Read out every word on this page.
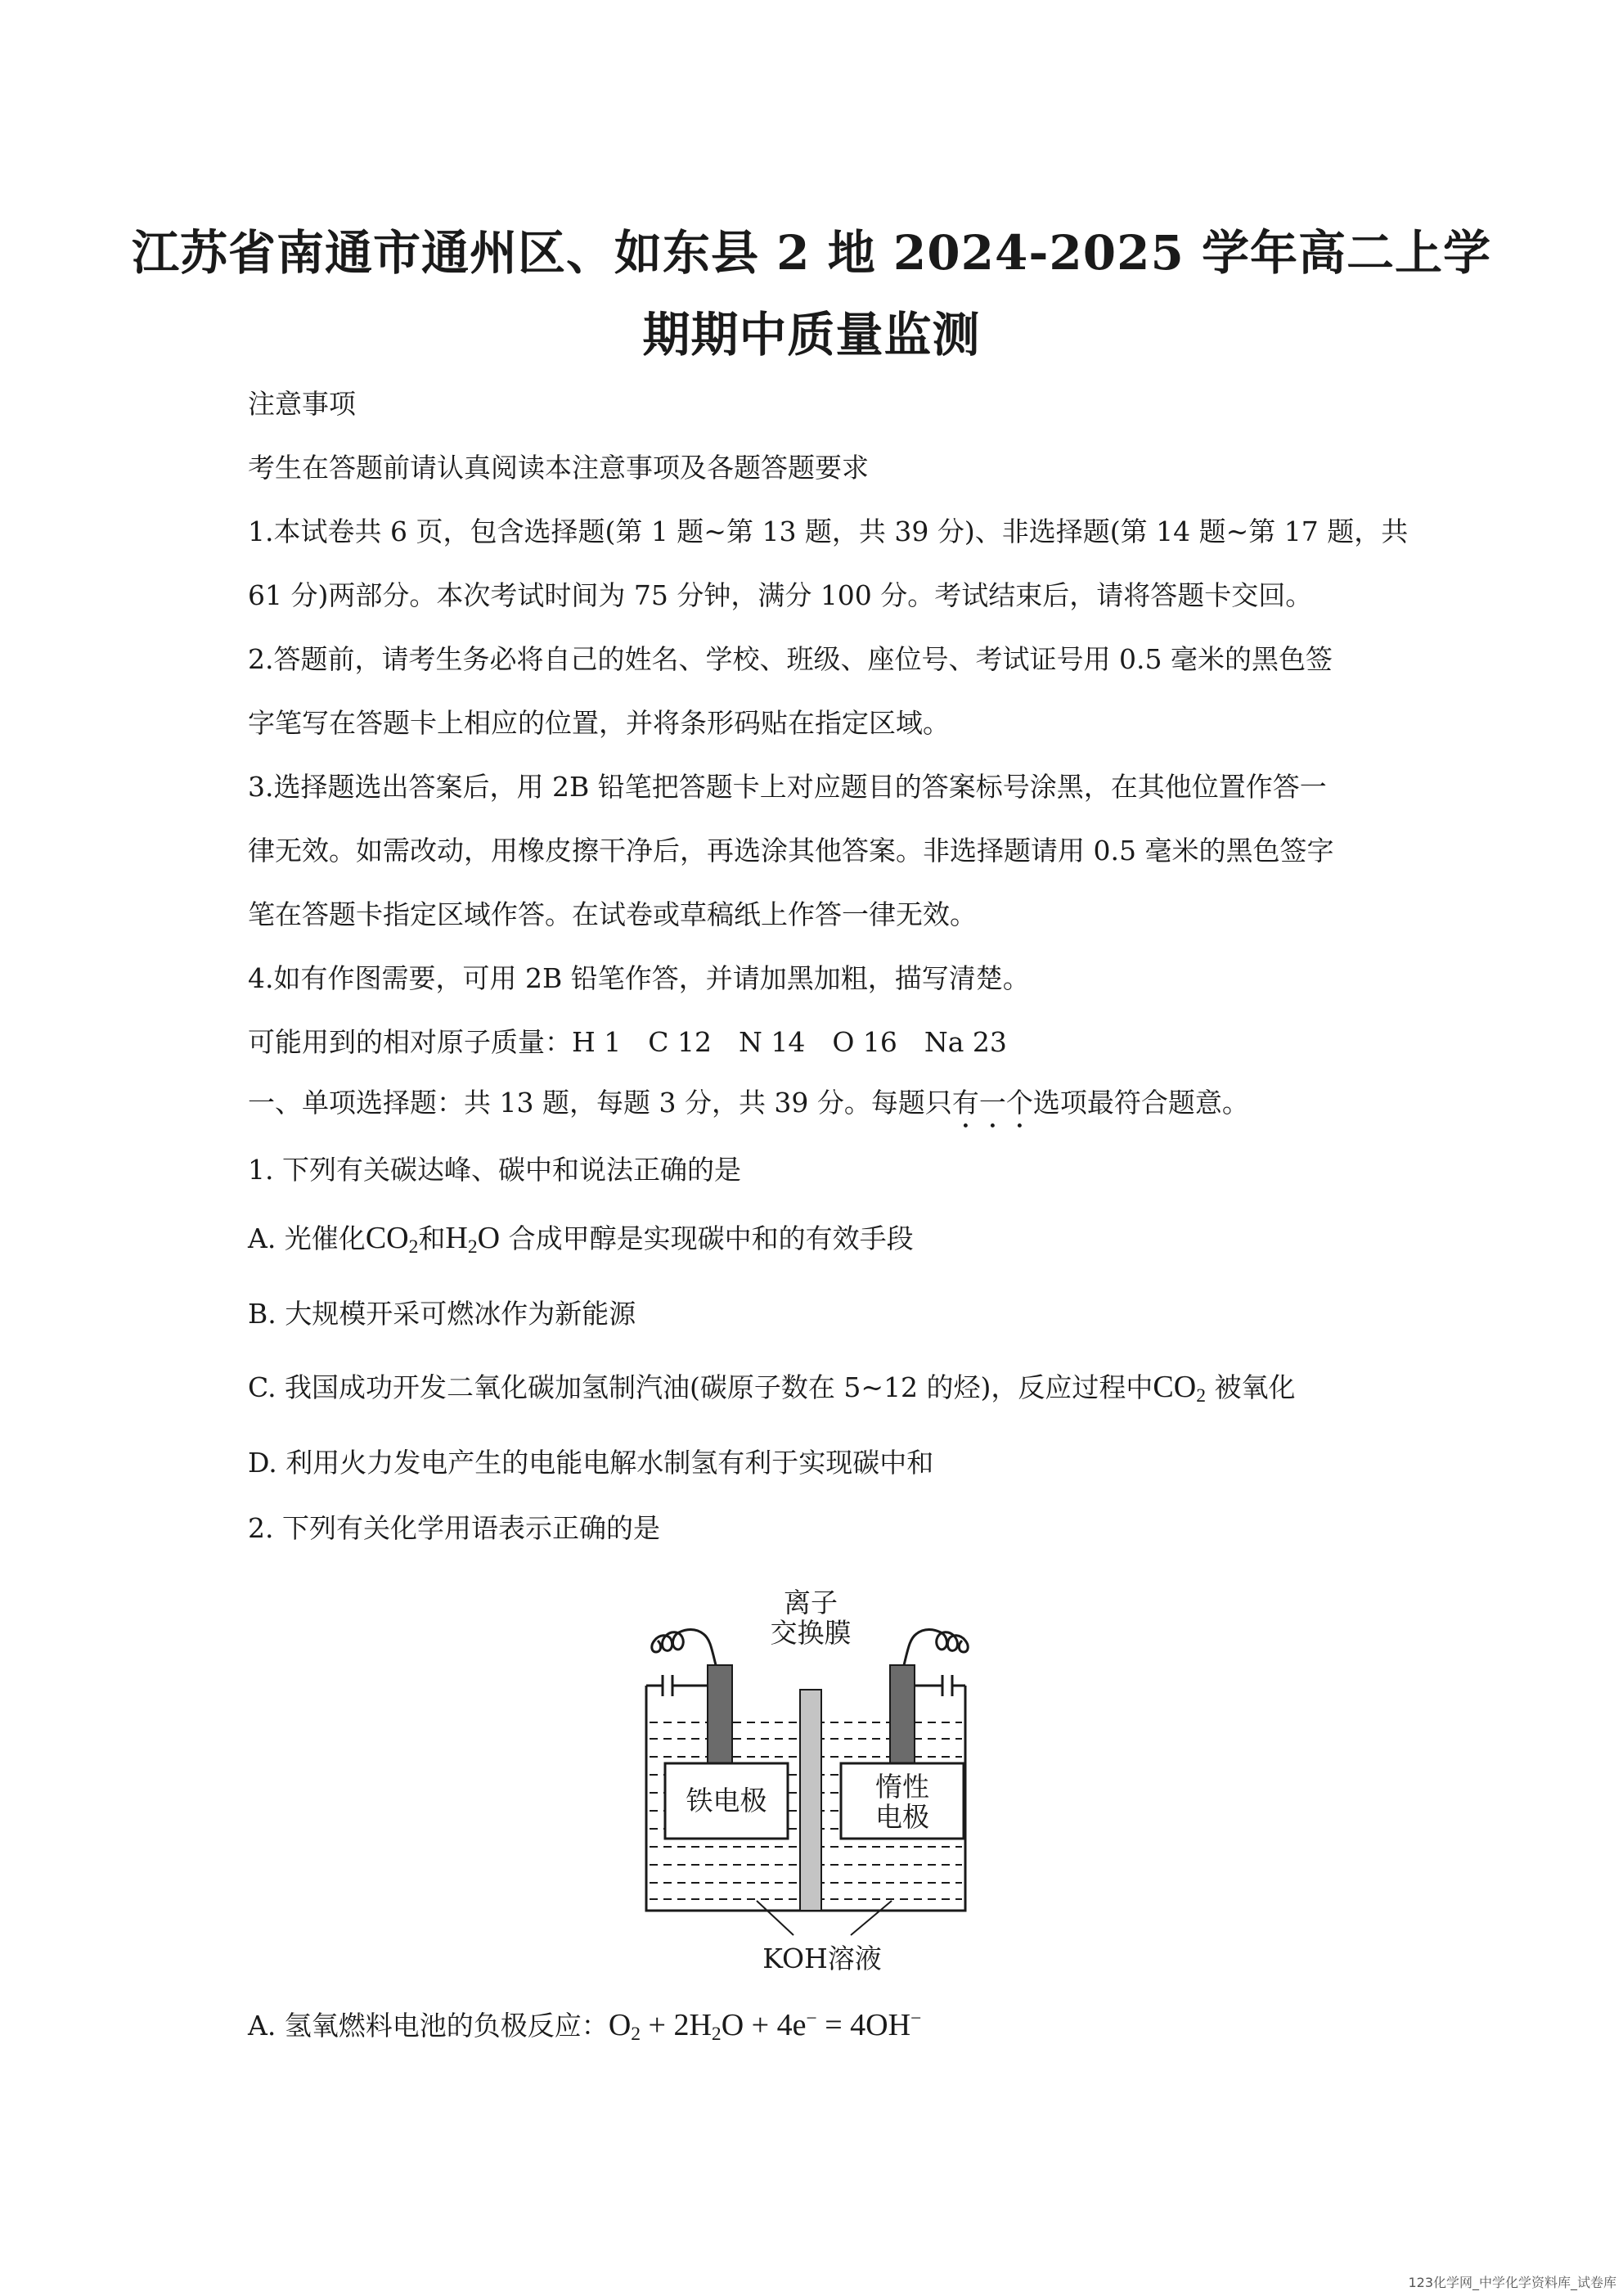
江苏省南通市通州区、如东县 2 地 2024-2025 学年高二上学
期期中质量监测
注意事项
考生在答题前请认真阅读本注意事项及各题答题要求
1.本试卷共 6 页，包含选择题(第 1 题~第 13 题，共 39 分)、非选择题(第 14 题~第 17 题，共
61 分)两部分。本次考试时间为 75 分钟，满分 100 分。考试结束后，请将答题卡交回。
2.答题前，请考生务必将自己的姓名、学校、班级、座位号、考试证号用 0.5 毫米的黑色签
字笔写在答题卡上相应的位置，并将条形码贴在指定区域。
3.选择题选出答案后，用 2B 铅笔把答题卡上对应题目的答案标号涂黑，在其他位置作答一
律无效。如需改动，用橡皮擦干净后，再选涂其他答案。非选择题请用 0.5 毫米的黑色签字
笔在答题卡指定区域作答。在试卷或草稿纸上作答一律无效。
4.如有作图需要，可用 2B 铅笔作答，并请加黑加粗，描写清楚。
可能用到的相对原子质量：H 1　C 12　N 14　O 16　Na 23
一、单项选择题：共 13 题，每题 3 分，共 39 分。每题只有一个选项最符合题意。
1. 下列有关碳达峰、碳中和说法正确的是
A. 光催化$CO_2$和$H_2O$ 合成甲醇是实现碳中和的有效手段
B. 大规模开采可燃冰作为新能源
C. 我国成功开发二氧化碳加氢制汽油(碳原子数在 5~12 的烃)，反应过程中$CO_2$ 被氧化
D. 利用火力发电产生的电能电解水制氢有利于实现碳中和
2. 下列有关化学用语表示正确的是
离子
交换膜
铁电极	惰性
电极
KOH溶液
A. 氢氧燃料电池的负极反应：$O_2 + 2H_2O + 4e^- = 4OH^-$
123化学网_中学化学资料库_试卷库
